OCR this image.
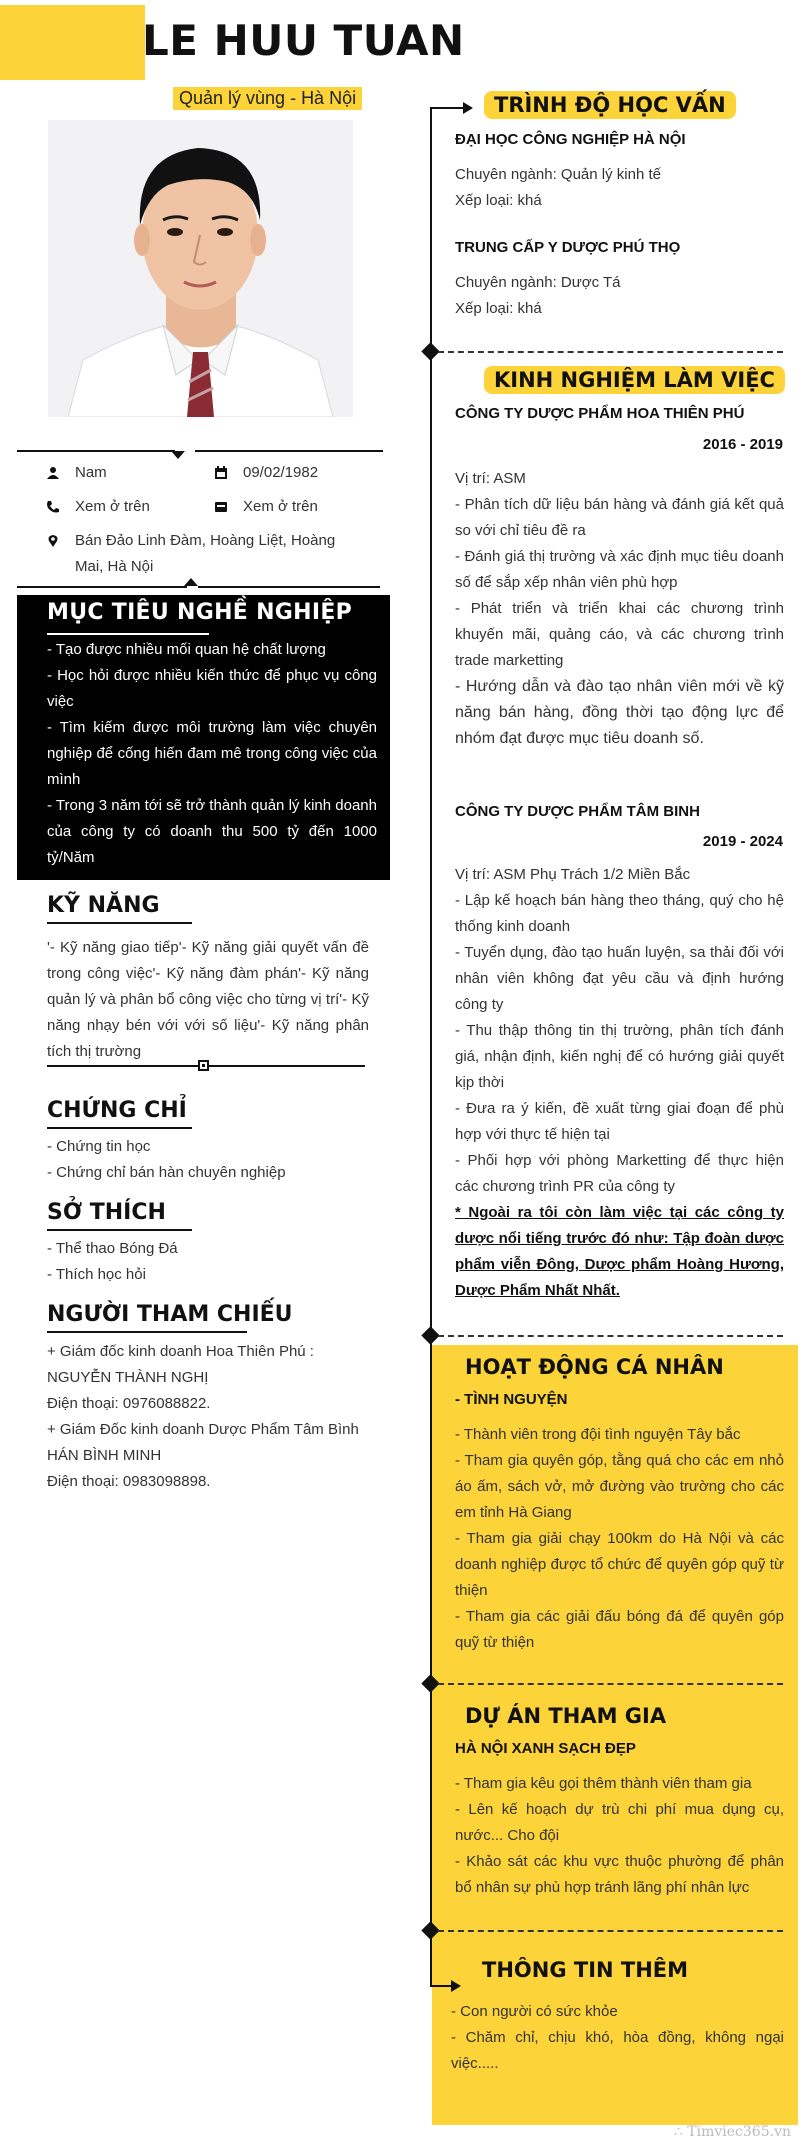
LE HUU TUAN
Quản lý vùng - Hà Nội
Nam	09/02/1982
Xem ở trên	Xem ở trên
Bán Đảo Linh Đàm, Hoàng Liệt, Hoàng Mai, Hà Nội
MỤC TIÊU NGHỀ NGHIỆP
- Tạo được nhiều mối quan hệ chất lượng
- Học hỏi được nhiều kiến thức để phục vụ công việc
- Tìm kiếm được môi trường làm việc chuyên nghiệp để cống hiến đam mê trong công việc của mình
- Trong 3 năm tới sẽ trở thành quản lý kinh doanh của công ty có doanh thu 500 tỷ đến 1000 tỷ/Năm
KỸ NĂNG
'- Kỹ năng giao tiếp'- Kỹ năng giải quyết vấn đề trong công việc'- Kỹ năng đàm phán'- Kỹ năng quản lý và phân bổ công việc cho từng vị trí'- Kỹ năng nhạy bén với với số liệu'- Kỹ năng phân tích thị trường
CHỨNG CHỈ
- Chứng tin học
- Chứng chỉ bán hàn chuyên nghiệp
SỞ THÍCH
- Thể thao Bóng Đá
- Thích học hỏi
NGƯỜI THAM CHIẾU
+ Giám đốc kinh doanh Hoa Thiên Phú :
NGUYỄN THÀNH NGHỊ
Điện thoại: 0976088822.
+ Giám Đốc kinh doanh Dược Phẩm Tâm Bình
HÁN BÌNH MINH
Điện thoại: 0983098898.
TRÌNH ĐỘ HỌC VẤN
ĐẠI HỌC CÔNG NGHIỆP HÀ NỘI
Chuyên ngành: Quản lý kinh tế
Xếp loại: khá
TRUNG CẤP Y DƯỢC PHÚ THỌ
Chuyên ngành: Dược Tá
Xếp loại: khá
KINH NGHIỆM LÀM VIỆC
CÔNG TY DƯỢC PHẨM HOA THIÊN PHÚ
2016 - 2019
Vị trí: ASM
- Phân tích dữ liệu bán hàng và đánh giá kết quả so với chỉ tiêu đề ra
- Đánh giá thị trường và xác định mục tiêu doanh số để sắp xếp nhân viên phù hợp
- Phát triển và triển khai các chương trình khuyến mãi, quảng cáo, và các chương trình trade marketting
- Hướng dẫn và đào tạo nhân viên mới về kỹ năng bán hàng, đồng thời tạo động lực để nhóm đạt được mục tiêu doanh số.
CÔNG TY DƯỢC PHẨM TÂM BINH
2019 - 2024
Vị trí: ASM Phụ Trách 1/2 Miền Bắc
- Lập kế hoạch bán hàng theo tháng, quý cho hệ thống kinh doanh
- Tuyển dụng, đào tạo huấn luyện, sa thải đối với nhân viên không đạt yêu cầu và định hướng công ty
- Thu thập thông tin thị trường, phân tích đánh giá, nhận định, kiến nghị để có hướng giải quyết kịp thời
- Đưa ra ý kiến, đề xuất từng giai đoạn để phù hợp với thực tế hiện tại
- Phối hợp với phòng Marketting để thực hiện các chương trình PR của công ty
* Ngoài ra tôi còn làm việc tại các công ty dược nổi tiếng trước đó như: Tập đoàn dược phẩm viễn Đông, Dược phẩm Hoàng Hương, Dược Phẩm Nhất Nhất.
HOẠT ĐỘNG CÁ NHÂN
- TÌNH NGUYỆN
- Thành viên trong đội tình nguyện Tây bắc
- Tham gia quyên góp, tằng quá cho các em nhỏ áo ấm, sách vở, mở đường vào trường cho các em tỉnh Hà Giang
- Tham gia giải chạy 100km do Hà Nội và các doanh nghiệp được tổ chức để quyên góp quỹ từ thiện
- Tham gia các giải đấu bóng đá để quyên góp quỹ từ thiện
DỰ ÁN THAM GIA
HÀ NỘI XANH SẠCH ĐẸP
- Tham gia kêu gọi thêm thành viên tham gia
- Lên kế hoạch dự trù chi phí mua dụng cụ, nước... Cho đội
- Khảo sát các khu vực thuộc phường để phân bổ nhân sự phù hợp tránh lãng phí nhân lực
THÔNG TIN THÊM
- Con người có sức khỏe
- Chăm chỉ, chịu khó, hòa đồng, không ngại việc.....
∴ Timviec365.vn
